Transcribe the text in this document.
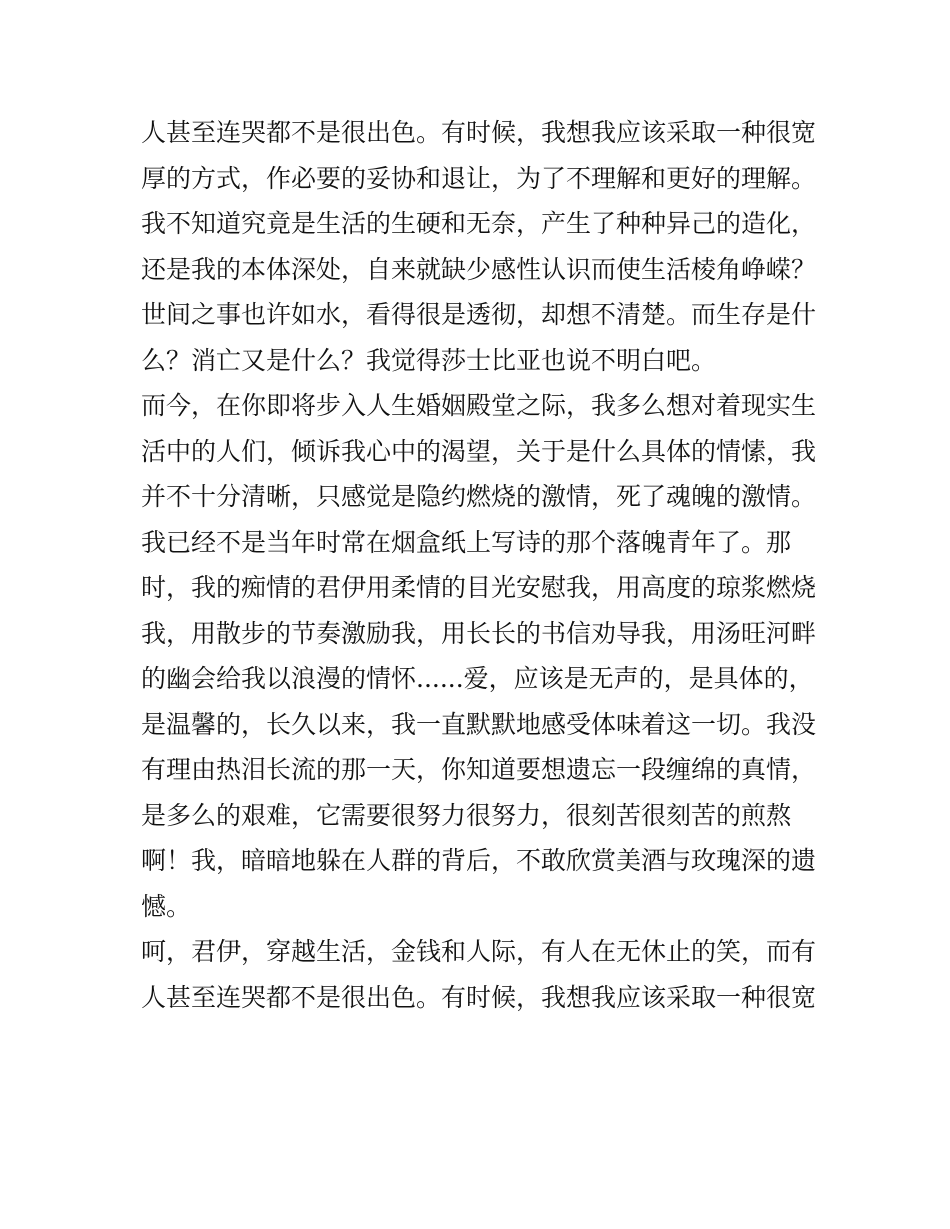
人甚至连哭都不是很出色。有时候，我想我应该采取一种很宽
厚的方式，作必要的妥协和退让，为了不理解和更好的理解。
我不知道究竟是生活的生硬和无奈，产生了种种异己的造化，
还是我的本体深处，自来就缺少感性认识而使生活棱角峥嵘？
世间之事也许如水，看得很是透彻，却想不清楚。而生存是什
么？消亡又是什么？我觉得莎士比亚也说不明白吧。
而今，在你即将步入人生婚姻殿堂之际，我多么想对着现实生
活中的人们，倾诉我心中的渴望，关于是什么具体的情愫，我
并不十分清晰，只感觉是隐约燃烧的激情，死了魂魄的激情。
我已经不是当年时常在烟盒纸上写诗的那个落魄青年了。那
时，我的痴情的君伊用柔情的目光安慰我，用高度的琼浆燃烧
我，用散步的节奏激励我，用长长的书信劝导我，用汤旺河畔
的幽会给我以浪漫的情怀......爱，应该是无声的，是具体的，
是温馨的，长久以来，我一直默默地感受体味着这一切。我没
有理由热泪长流的那一天，你知道要想遗忘一段缠绵的真情，
是多么的艰难，它需要很努力很努力，很刻苦很刻苦的煎熬
啊！我，暗暗地躲在人群的背后，不敢欣赏美酒与玫瑰深的遗
憾。
呵，君伊，穿越生活，金钱和人际，有人在无休止的笑，而有
人甚至连哭都不是很出色。有时候，我想我应该采取一种很宽
